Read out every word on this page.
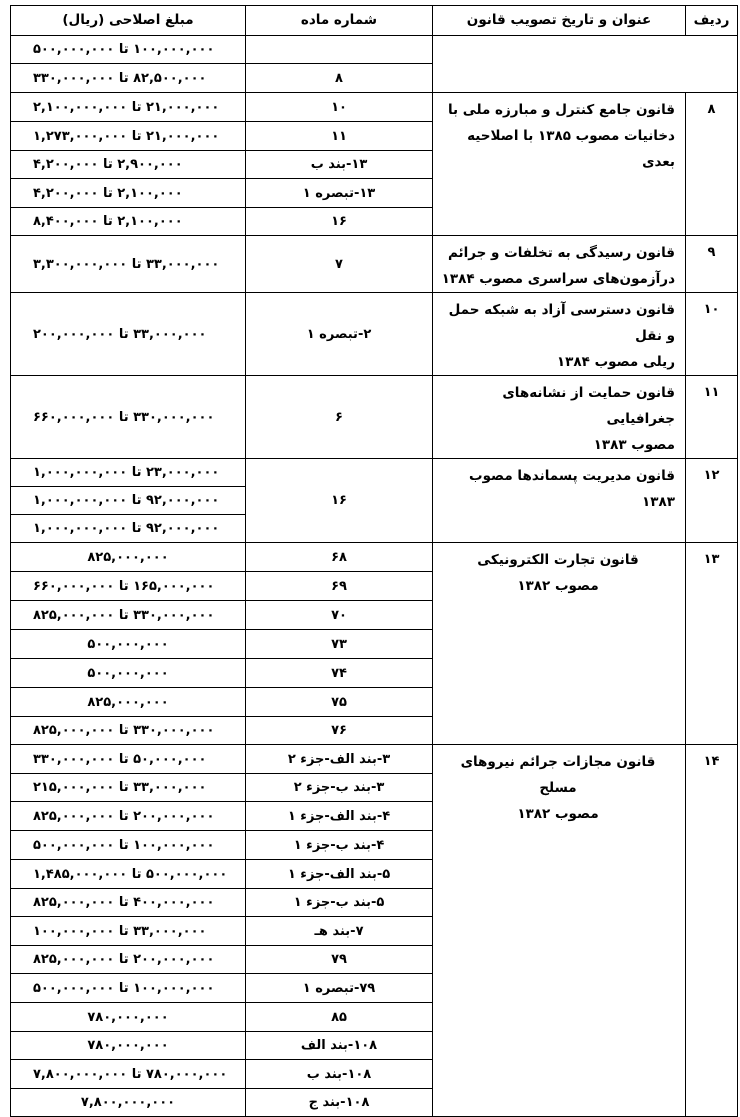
ردیف	عنوان و تاریخ تصویب قانون	شماره ماده	مبلغ اصلاحی (ریال)
			۱۰۰,۰۰۰,۰۰۰ تا ۵۰۰,۰۰۰,۰۰۰
		۸	۸۲,۵۰۰,۰۰۰ تا ۳۳۰,۰۰۰,۰۰۰
۸	قانون جامع کنترل و مبارزه ملی با
دخانیات مصوب ۱۳۸۵ با اصلاحیه بعدی	۱۰	۲۱,۰۰۰,۰۰۰ تا ۲,۱۰۰,۰۰۰,۰۰۰
		۱۱	۲۱,۰۰۰,۰۰۰ تا ۱,۲۷۳,۰۰۰,۰۰۰
		۱۳-بند ب	۲,۹۰۰,۰۰۰ تا ۴,۲۰۰,۰۰۰
		۱۳-تبصره ۱	۲,۱۰۰,۰۰۰ تا ۴,۲۰۰,۰۰۰
		۱۶	۲,۱۰۰,۰۰۰ تا ۸,۴۰۰,۰۰۰
۹	قانون رسیدگی به تخلفات و جرائم
درآزمون‌های سراسری مصوب ۱۳۸۴	۷	۳۳,۰۰۰,۰۰۰ تا ۳,۳۰۰,۰۰۰,۰۰۰
۱۰	قانون دسترسی آزاد به شبکه حمل و نقل
ریلی مصوب ۱۳۸۴	۲-تبصره ۱	۳۳,۰۰۰,۰۰۰ تا ۲۰۰,۰۰۰,۰۰۰
۱۱	قانون حمایت از نشانه‌های جغرافیایی
مصوب ۱۳۸۳	۶	۳۳۰,۰۰۰,۰۰۰ تا ۶۶۰,۰۰۰,۰۰۰
۱۲	قانون مدیریت پسماندها مصوب ۱۳۸۳	۱۶	۲۳,۰۰۰,۰۰۰ تا ۱,۰۰۰,۰۰۰,۰۰۰
			۹۲,۰۰۰,۰۰۰ تا ۱,۰۰۰,۰۰۰,۰۰۰
			۹۲,۰۰۰,۰۰۰ تا ۱,۰۰۰,۰۰۰,۰۰۰
۱۳	قانون تجارت الکترونیکی
مصوب ۱۳۸۲	۶۸	۸۲۵,۰۰۰,۰۰۰
		۶۹	۱۶۵,۰۰۰,۰۰۰ تا ۶۶۰,۰۰۰,۰۰۰
		۷۰	۳۳۰,۰۰۰,۰۰۰ تا ۸۲۵,۰۰۰,۰۰۰
		۷۳	۵۰۰,۰۰۰,۰۰۰
		۷۴	۵۰۰,۰۰۰,۰۰۰
		۷۵	۸۲۵,۰۰۰,۰۰۰
		۷۶	۳۳۰,۰۰۰,۰۰۰ تا ۸۲۵,۰۰۰,۰۰۰
۱۴	قانون مجازات جرائم نیروهای مسلح
مصوب ۱۳۸۲	۳-بند الف-جزء ۲	۵۰,۰۰۰,۰۰۰ تا ۳۳۰,۰۰۰,۰۰۰
		۳-بند ب-جزء ۲	۳۳,۰۰۰,۰۰۰ تا ۲۱۵,۰۰۰,۰۰۰
		۴-بند الف-جزء ۱	۲۰۰,۰۰۰,۰۰۰ تا ۸۲۵,۰۰۰,۰۰۰
		۴-بند ب-جزء ۱	۱۰۰,۰۰۰,۰۰۰ تا ۵۰۰,۰۰۰,۰۰۰
		۵-بند الف-جزء ۱	۵۰۰,۰۰۰,۰۰۰ تا ۱,۴۸۵,۰۰۰,۰۰۰
		۵-بند ب-جزء ۱	۴۰۰,۰۰۰,۰۰۰ تا ۸۲۵,۰۰۰,۰۰۰
		۷-بند هـ	۳۳,۰۰۰,۰۰۰ تا ۱۰۰,۰۰۰,۰۰۰
		۷۹	۲۰۰,۰۰۰,۰۰۰ تا ۸۲۵,۰۰۰,۰۰۰
		۷۹-تبصره ۱	۱۰۰,۰۰۰,۰۰۰ تا ۵۰۰,۰۰۰,۰۰۰
		۸۵	۷۸۰,۰۰۰,۰۰۰
		۱۰۸-بند الف	۷۸۰,۰۰۰,۰۰۰
		۱۰۸-بند ب	۷۸۰,۰۰۰,۰۰۰ تا ۷,۸۰۰,۰۰۰,۰۰۰
		۱۰۸-بند ج	۷,۸۰۰,۰۰۰,۰۰۰
